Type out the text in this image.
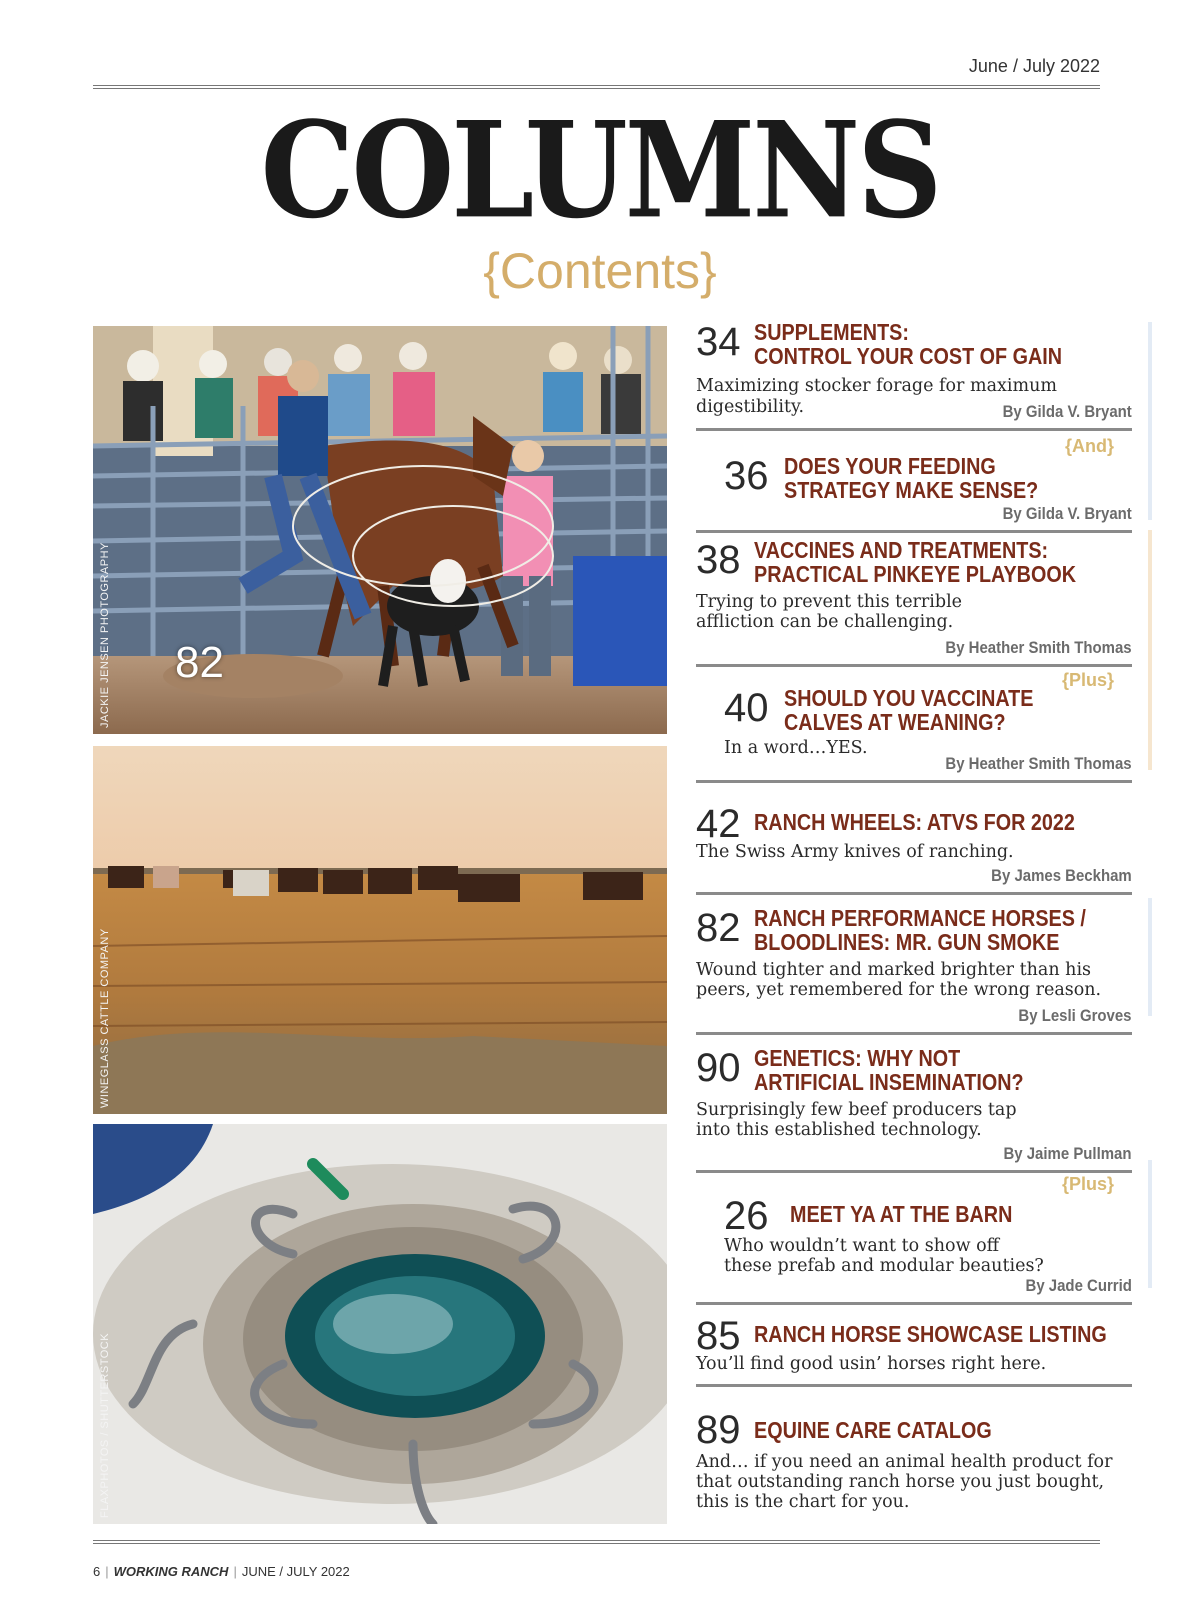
June / July 2022
COLUMNS
{Contents}
JACKIE JENSEN PHOTOGRAPHY 82
WINEGLASS CATTLE COMPANY
FLAXPHOTOS / SHUTTERSTOCK
34 SUPPLEMENTS:
CONTROL YOUR COST OF GAIN
Maximizing stocker forage for maximum digestibility.	By Gilda V. Bryant
{And}
36 DOES YOUR FEEDING
STRATEGY MAKE SENSE?
By Gilda V. Bryant
38 VACCINES AND TREATMENTS:
PRACTICAL PINKEYE PLAYBOOK
Trying to prevent this terrible
affliction can be challenging.
By Heather Smith Thomas
{Plus}
40 SHOULD YOU VACCINATE
CALVES AT WEANING?
In a word…YES.
By Heather Smith Thomas
42 RANCH WHEELS: ATVS FOR 2022
The Swiss Army knives of ranching.
By James Beckham
82 RANCH PERFORMANCE HORSES /
BLOODLINES: MR. GUN SMOKE
Wound tighter and marked brighter than his
peers, yet remembered for the wrong reason.
By Lesli Groves
90 GENETICS: WHY NOT
ARTIFICIAL INSEMINATION?
Surprisingly few beef producers tap
into this established technology.
By Jaime Pullman
{Plus}
26 MEET YA AT THE BARN
Who wouldn’t want to show off
these prefab and modular beauties?
By Jade Currid
85 RANCH HORSE SHOWCASE LISTING
You’ll find good usin’ horses right here.
89 EQUINE CARE CATALOG
And… if you need an animal health product for
that outstanding ranch horse you just bought,
this is the chart for you.
6 | WORKING RANCH | JUNE / JULY 2022
